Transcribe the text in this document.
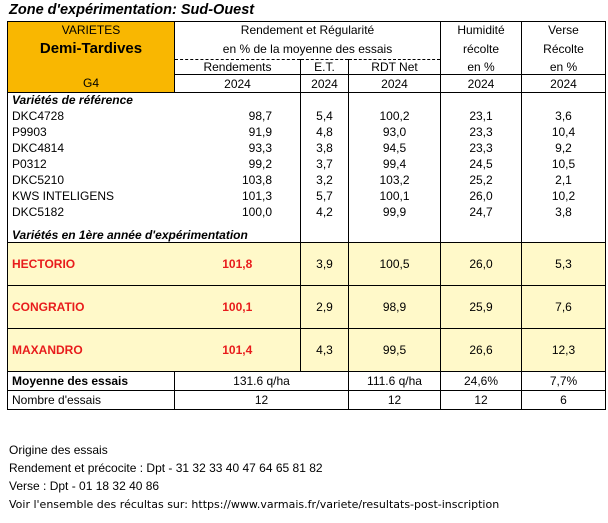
Zone d'expérimentation: Sud-Ouest
VARIETES	Rendement et Régularité			Humidité	Verse
Demi-Tardives	en % de la moyenne des essais			récolte	Récolte
	Rendements	E.T.	RDT Net	en %	en %
G4	2024	2024	2024	2024	2024
Variétés de référence					
DKC4728	98,7	5,4	100,2	23,1	3,6
P9903	91,9	4,8	93,0	23,3	10,4
DKC4814	93,3	3,8	94,5	23,3	9,2
P0312	99,2	3,7	99,4	24,5	10,5
DKC5210	103,8	3,2	103,2	25,2	2,1
KWS INTELIGENS	101,3	5,7	100,1	26,0	10,2
DKC5182	100,0	4,2	99,9	24,7	3,8
Variétés en 1ère année d'expérimentation					
HECTORIO	101,8	3,9	100,5	26,0	5,3
CONGRATIO	100,1	2,9	98,9	25,9	7,6
MAXANDRO	101,4	4,3	99,5	26,6	12,3
Moyenne des essais	131.6 q/ha		111.6 q/ha	24,6%	7,7%
Nombre d'essais	12		12	12	6
Origine des essais
Rendement et précocite : Dpt - 31 32 33 40 47 64 65 81 82
Verse : Dpt - 01 18 32 40 86
Voir l'ensemble des récultas sur: https://www.varmais.fr/variete/resultats-post-inscription
